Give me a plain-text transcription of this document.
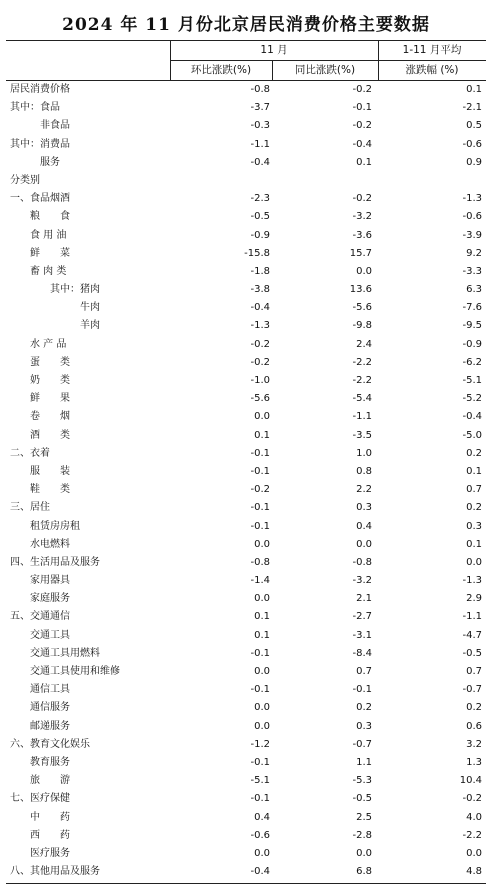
2024 年 11 月份北京居民消费价格主要数据
11 月	1-11 月平均
环比涨跌(%)	同比涨跌(%)	涨跌幅 (%)
居民消费价格	-0.8	-0.2	0.1
其中：食品	-3.7	-0.1	-2.1
非食品	-0.3	-0.2	0.5
其中：消费品	-1.1	-0.4	-0.6
服务	-0.4	0.1	0.9
分类别
一、食品烟酒	-2.3	-0.2	-1.3
粮　　食	-0.5	-3.2	-0.6
食 用 油	-0.9	-3.6	-3.9
鲜　　菜	-15.8	15.7	9.2
畜 肉 类	-1.8	0.0	-3.3
其中：猪肉	-3.8	13.6	6.3
牛肉	-0.4	-5.6	-7.6
羊肉	-1.3	-9.8	-9.5
水 产 品	-0.2	2.4	-0.9
蛋　　类	-0.2	-2.2	-6.2
奶　　类	-1.0	-2.2	-5.1
鲜　　果	-5.6	-5.4	-5.2
卷　　烟	0.0	-1.1	-0.4
酒　　类	0.1	-3.5	-5.0
二、衣着	-0.1	1.0	0.2
服　　装	-0.1	0.8	0.1
鞋　　类	-0.2	2.2	0.7
三、居住	-0.1	0.3	0.2
租赁房房租	-0.1	0.4	0.3
水电燃料	0.0	0.0	0.1
四、生活用品及服务	-0.8	-0.8	0.0
家用器具	-1.4	-3.2	-1.3
家庭服务	0.0	2.1	2.9
五、交通通信	0.1	-2.7	-1.1
交通工具	0.1	-3.1	-4.7
交通工具用燃料	-0.1	-8.4	-0.5
交通工具使用和维修	0.0	0.7	0.7
通信工具	-0.1	-0.1	-0.7
通信服务	0.0	0.2	0.2
邮递服务	0.0	0.3	0.6
六、教育文化娱乐	-1.2	-0.7	3.2
教育服务	-0.1	1.1	1.3
旅　　游	-5.1	-5.3	10.4
七、医疗保健	-0.1	-0.5	-0.2
中　　药	0.4	2.5	4.0
西　　药	-0.6	-2.8	-2.2
医疗服务	0.0	0.0	0.0
八、其他用品及服务	-0.4	6.8	4.8
